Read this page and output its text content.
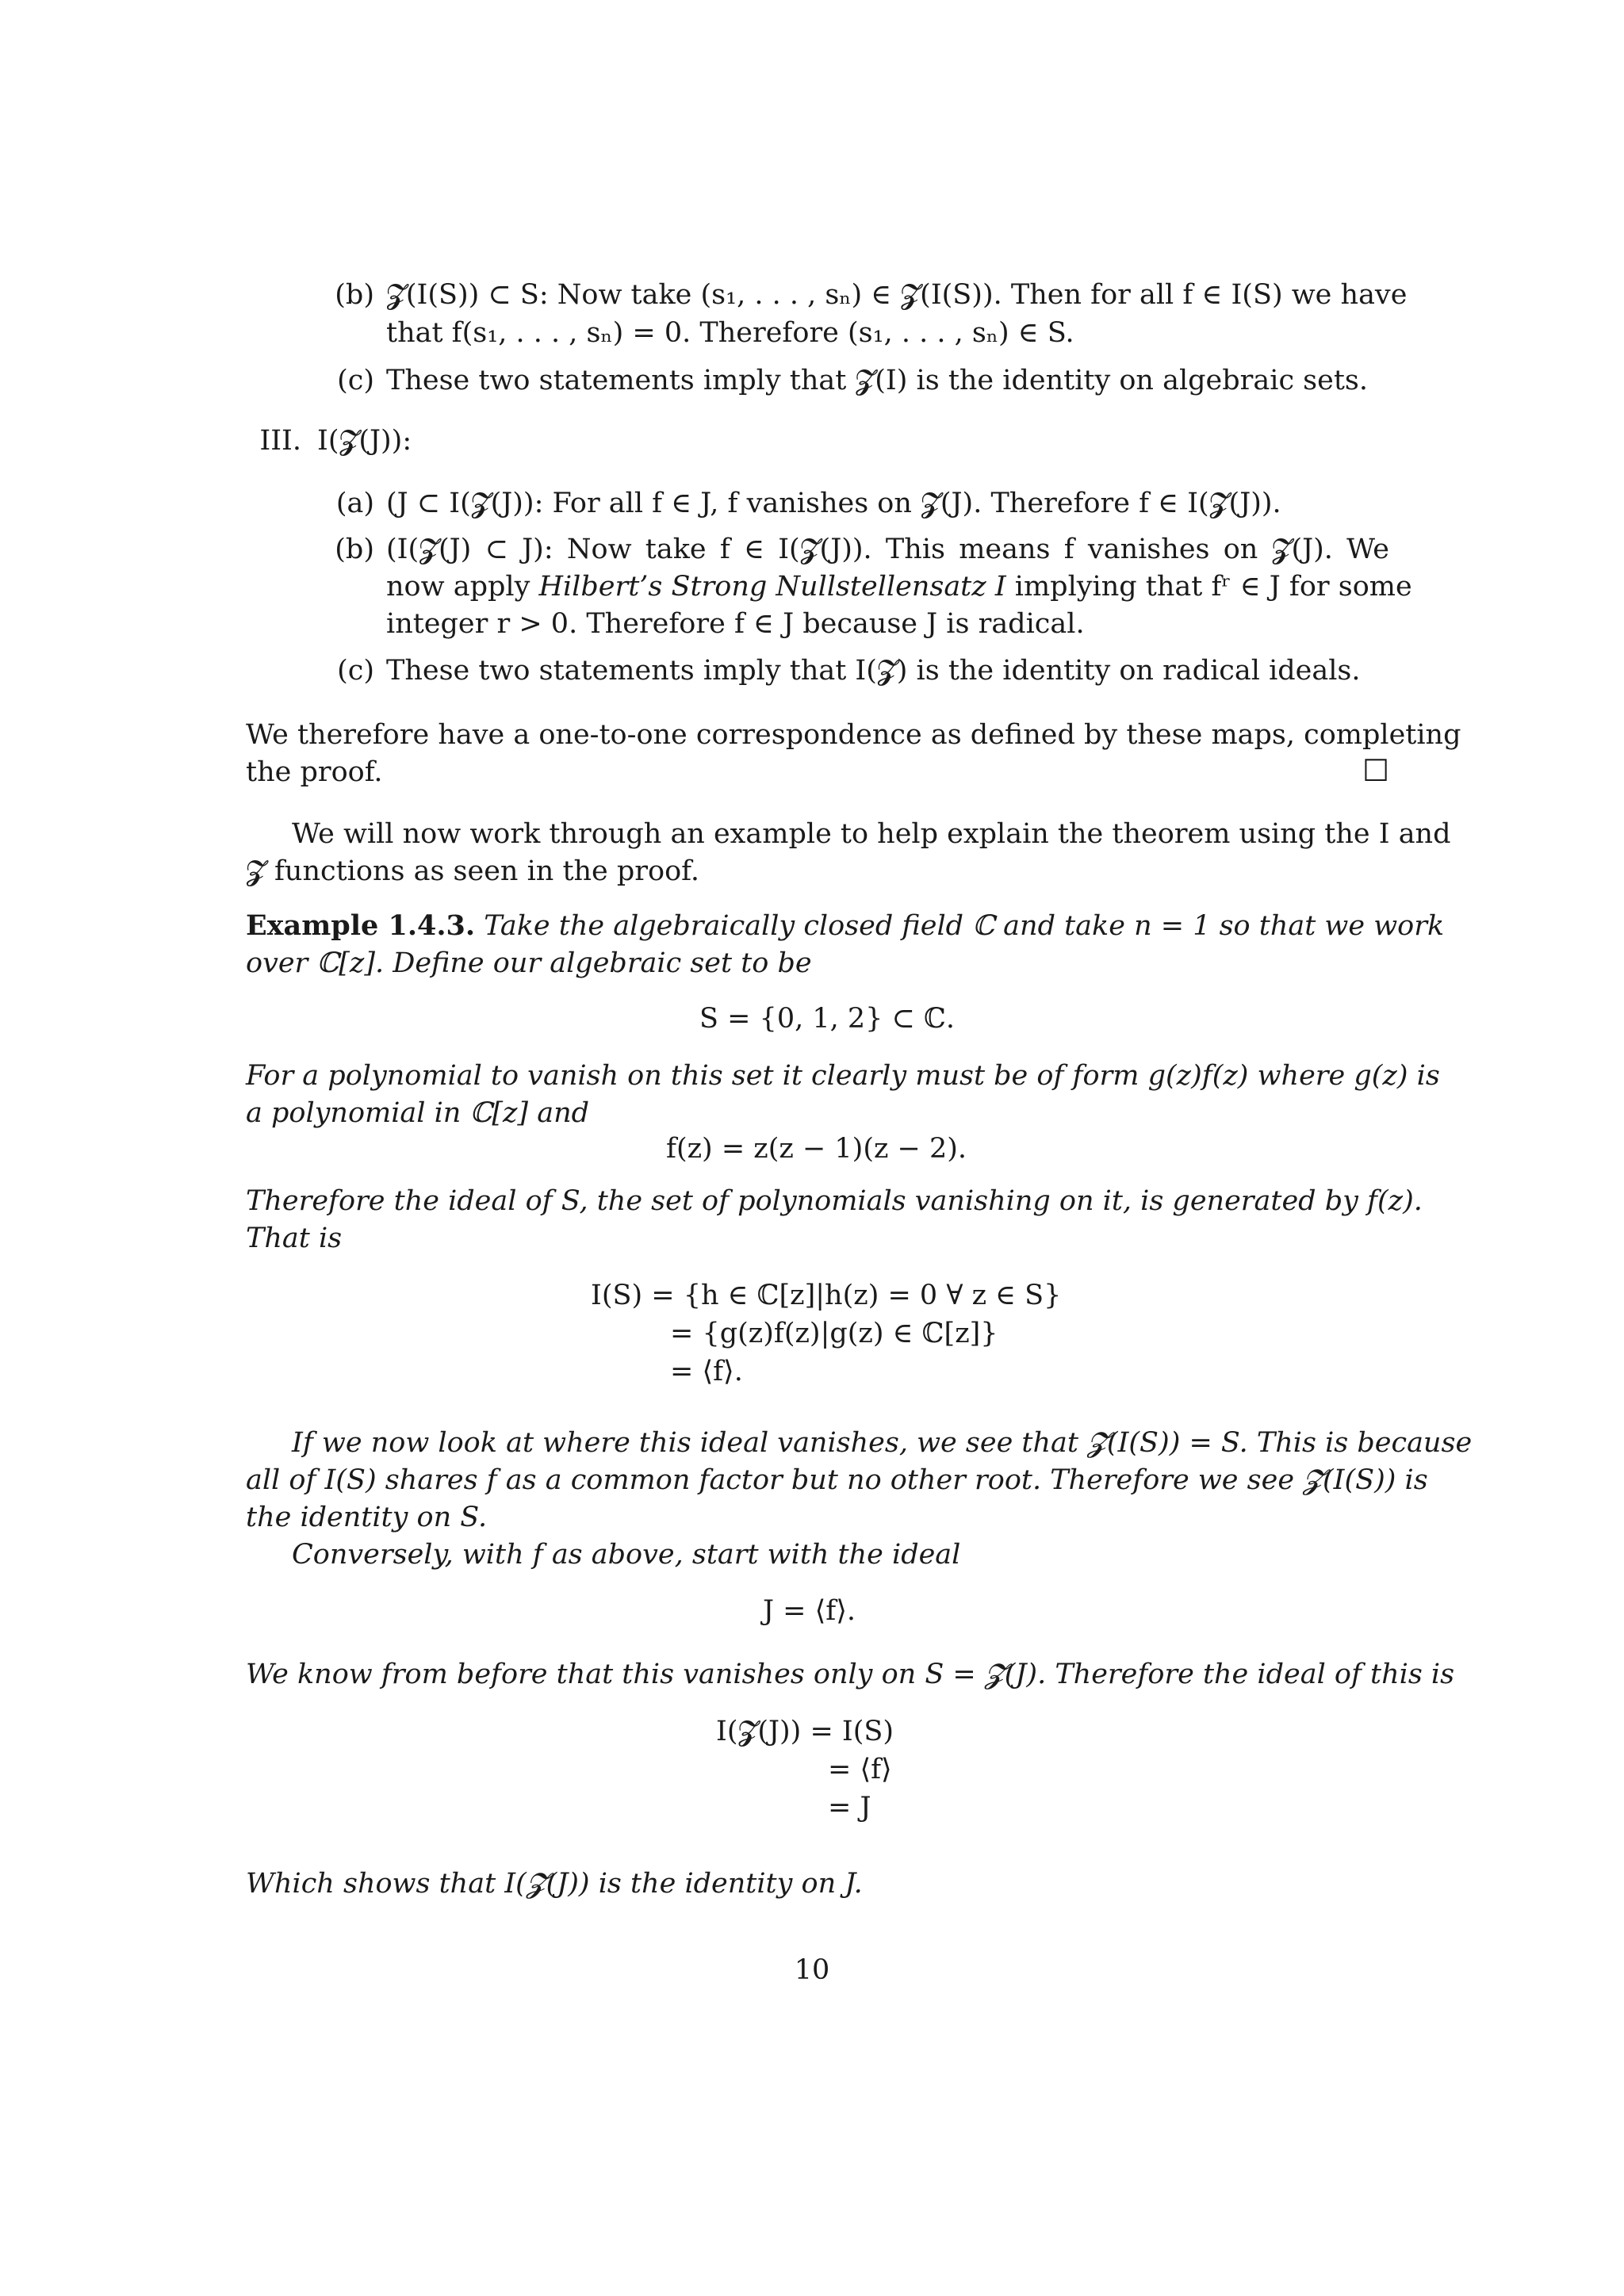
(b) 𝓩(I(S)) ⊂ S: Now take (s₁, . . . , sₙ) ∈ 𝓩(I(S)). Then for all f ∈ I(S) we have
that f(s₁, . . . , sₙ) = 0. Therefore (s₁, . . . , sₙ) ∈ S.
(c) These two statements imply that 𝓩(I) is the identity on algebraic sets.
III. I(𝓩(J)):
(a) (J ⊂ I(𝓩(J)): For all f ∈ J, f vanishes on 𝓩(J). Therefore f ∈ I(𝓩(J)).
(b) (I(𝓩(J) ⊂ J): Now take f ∈ I(𝓩(J)). This means f vanishes on 𝓩(J). We
now apply Hilbert’s Strong Nullstellensatz I implying that fʳ ∈ J for some
integer r > 0. Therefore f ∈ J because J is radical.
(c) These two statements imply that I(𝓩) is the identity on radical ideals.
We therefore have a one-to-one correspondence as defined by these maps, completing
the proof.	☐
We will now work through an example to help explain the theorem using the I and
𝓩 functions as seen in the proof.
Example 1.4.3. Take the algebraically closed field ℂ and take n = 1 so that we work
over ℂ[z]. Define our algebraic set to be
S = {0, 1, 2} ⊂ ℂ.
For a polynomial to vanish on this set it clearly must be of form g(z)f(z) where g(z) is
a polynomial in ℂ[z] and
f(z) = z(z − 1)(z − 2).
Therefore the ideal of S, the set of polynomials vanishing on it, is generated by f(z).
That is
I(S) = {h ∈ ℂ[z]|h(z) = 0 ∀ z ∈ S}
= {g(z)f(z)|g(z) ∈ ℂ[z]}
= ⟨f⟩.
If we now look at where this ideal vanishes, we see that 𝓩(I(S)) = S. This is because
all of I(S) shares f as a common factor but no other root. Therefore we see 𝓩(I(S)) is
the identity on S.
Conversely, with f as above, start with the ideal
J = ⟨f⟩.
We know from before that this vanishes only on S = 𝓩(J). Therefore the ideal of this is
I(𝓩(J)) = I(S)
= ⟨f⟩
= J
Which shows that I(𝓩(J)) is the identity on J.
10
